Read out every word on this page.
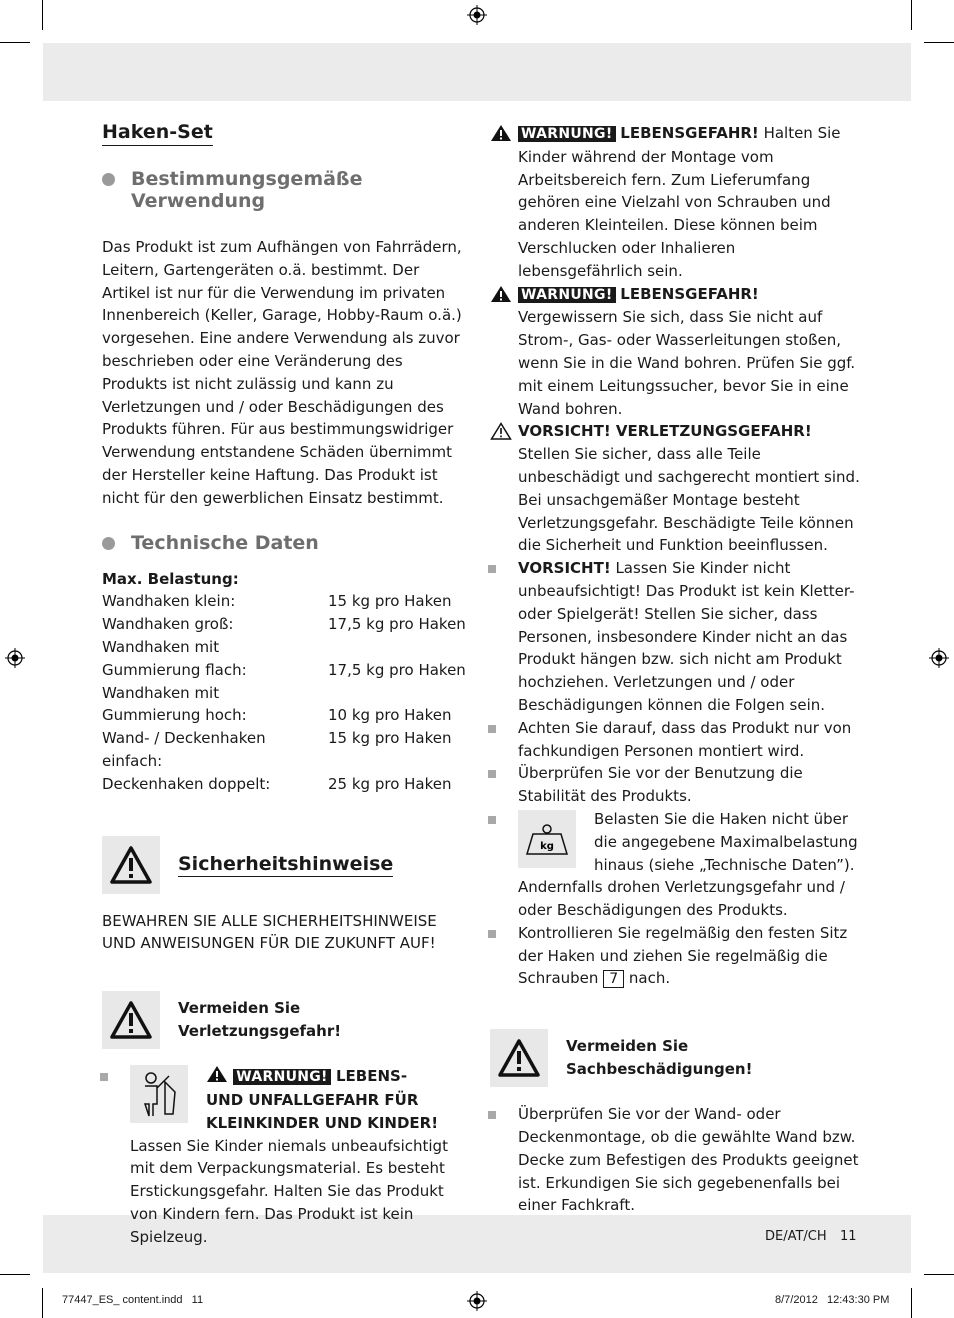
DE/AT/CH 11
77447_ES_ content.indd   11	8/7/2012   12:43:30 PM
Haken-Set
Bestimmungsgemäße
Verwendung

Das Produkt ist zum Aufhängen von Fahrrädern, Leitern, Gartengeräten o.ä. bestimmt. Der Artikel ist nur für die Verwendung im privaten Innenbereich (Keller, Garage, Hobby-Raum o.ä.) vorgesehen. Eine andere Verwendung als zuvor beschrieben oder eine Veränderung des Produkts ist nicht zulässig und kann zu Verletzungen und / oder Beschädigungen des Produkts führen. Für aus bestimmungswidriger Verwendung entstandene Schäden übernimmt der Hersteller keine Haftung. Das Produkt ist nicht für den gewerblichen Einsatz bestimmt.

Technische Daten
Max. Belastung:
Wandhaken klein:	15 kg pro Haken
Wandhaken groß:	17,5 kg pro Haken
Wandhaken mit	
Gummierung flach:	17,5 kg pro Haken
Wandhaken mit	
Gummierung hoch:	10 kg pro Haken
Wand- / Deckenhaken einfach:	15 kg pro Haken
Deckenhaken doppelt:	25 kg pro Haken
Sicherheitshinweise

BEWAHREN SIE ALLE SICHERHEITSHINWEISE UND ANWEISUNGEN FÜR DIE ZUKUNFT AUF!

Vermeiden Sie
Verletzungsgefahr!
WARNUNG! LEBENS-
UND UNFALLGEFAHR FÜR
KLEINKINDER UND KINDER!

Lassen Sie Kinder niemals unbeaufsichtigt mit dem Verpackungsmaterial. Es besteht Erstickungsgefahr. Halten Sie das Produkt von Kindern fern. Das Produkt ist kein Spielzeug.

WARNUNG! LEBENSGEFAHR! Halten Sie Kinder während der Montage vom Arbeitsbereich fern. Zum Lieferumfang gehören eine Vielzahl von Schrauben und anderen Kleinteilen. Diese können beim Verschlucken oder Inhalieren lebensgefährlich sein.
WARNUNG! LEBENSGEFAHR! Vergewissern Sie sich, dass Sie nicht auf Strom-, Gas- oder Wasserleitungen stoßen, wenn Sie in die Wand bohren. Prüfen Sie ggf. mit einem Leitungssucher, bevor Sie in eine Wand bohren.
VORSICHT! VERLETZUNGSGEFAHR!
Stellen Sie sicher, dass alle Teile unbeschädigt und sachgerecht montiert sind. Bei unsachgemäßer Montage besteht Verletzungsgefahr. Beschädigte Teile können die Sicherheit und Funktion beeinflussen.
VORSICHT! Lassen Sie Kinder nicht unbeaufsichtigt! Das Produkt ist kein Kletter- oder Spielgerät! Stellen Sie sicher, dass Personen, insbesondere Kinder nicht an das Produkt hängen bzw. sich nicht am Produkt hochziehen. Verletzungen und / oder Beschädigungen können die Folgen sein.
Achten Sie darauf, dass das Produkt nur von fachkundigen Personen montiert wird.
Überprüfen Sie vor der Benutzung die Stabilität des Produkts.
kg
Belasten Sie die Haken nicht über die angegebene Maximalbelastung hinaus (siehe „Technische Daten”).
Andernfalls drohen Verletzungsgefahr und / oder Beschädigungen des Produkts.
Kontrollieren Sie regelmäßig den festen Sitz der Haken und ziehen Sie regelmäßig die Schrauben 7 nach.
Vermeiden Sie
Sachbeschädigungen!
Überprüfen Sie vor der Wand- oder Deckenmontage, ob die gewählte Wand bzw. Decke zum Befestigen des Produkts geeignet ist. Erkundigen Sie sich gegebenenfalls bei einer Fachkraft.
